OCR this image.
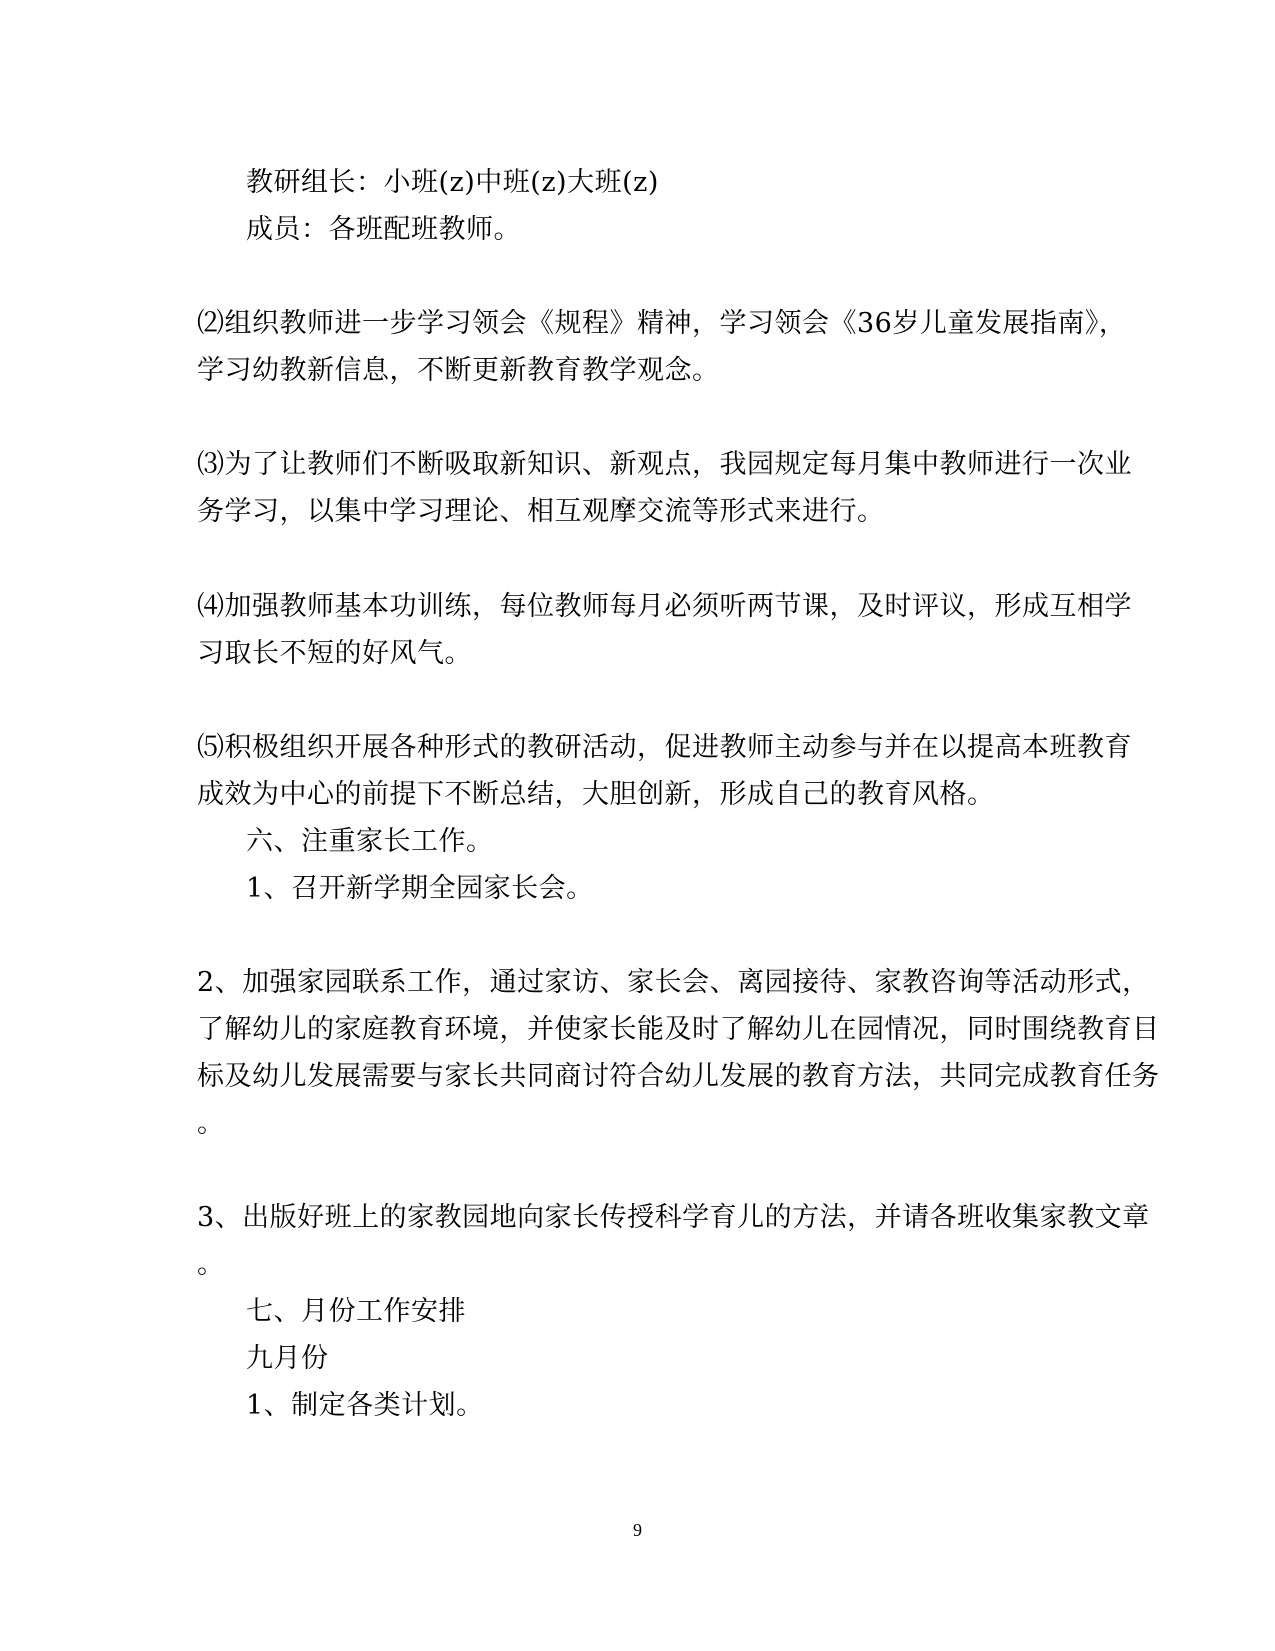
教研组长：小班(z)中班(z)大班(z)
成员：各班配班教师。
⑵组织教师进一步学习领会《规程》精神，学习领会《36岁儿童发展指南》，
学习幼教新信息，不断更新教育教学观念。
⑶为了让教师们不断吸取新知识、新观点，我园规定每月集中教师进行一次业
务学习，以集中学习理论、相互观摩交流等形式来进行。
⑷加强教师基本功训练，每位教师每月必须听两节课，及时评议，形成互相学
习取长不短的好风气。
⑸积极组织开展各种形式的教研活动，促进教师主动参与并在以提高本班教育
成效为中心的前提下不断总结，大胆创新，形成自己的教育风格。
六、注重家长工作。
1、召开新学期全园家长会。
2、加强家园联系工作，通过家访、家长会、离园接待、家教咨询等活动形式，
了解幼儿的家庭教育环境，并使家长能及时了解幼儿在园情况，同时围绕教育目
标及幼儿发展需要与家长共同商讨符合幼儿发展的教育方法，共同完成教育任务
。
3、出版好班上的家教园地向家长传授科学育儿的方法，并请各班收集家教文章
。
七、月份工作安排
九月份
1、制定各类计划。
9
